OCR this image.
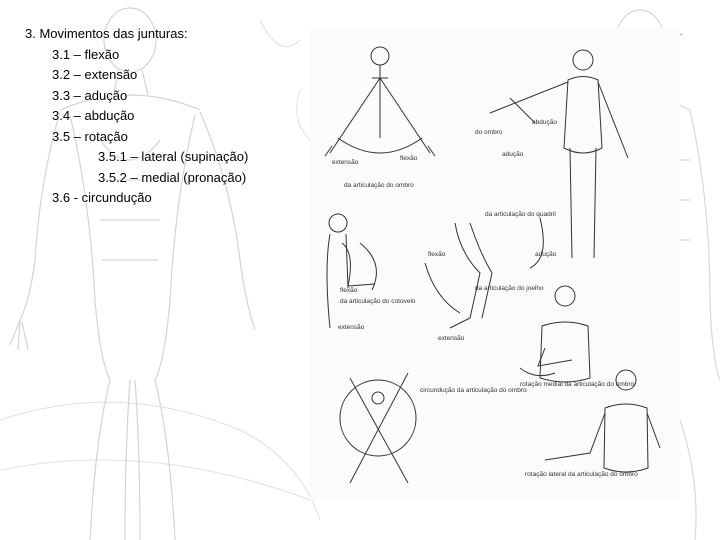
-
3. Movimentos das junturas:
3.1 – flexão
3.2 – extensão
3.3 – adução
3.4 – abdução
3.5 – rotação
3.5.1 – lateral (supinação)
3.5.2 – medial (pronação)
3.6 - circundução
extensão
flexão
da articulação do ombro
abdução
do ombro
adução
da articulação do quadril
adução
flexão
da articulação do cotovelo
extensão
flexão
da articulação do joelho
extensão
circundução da articulação do ombro
rotação medial da articulação do ombro
rotação lateral da articulação do ombro
